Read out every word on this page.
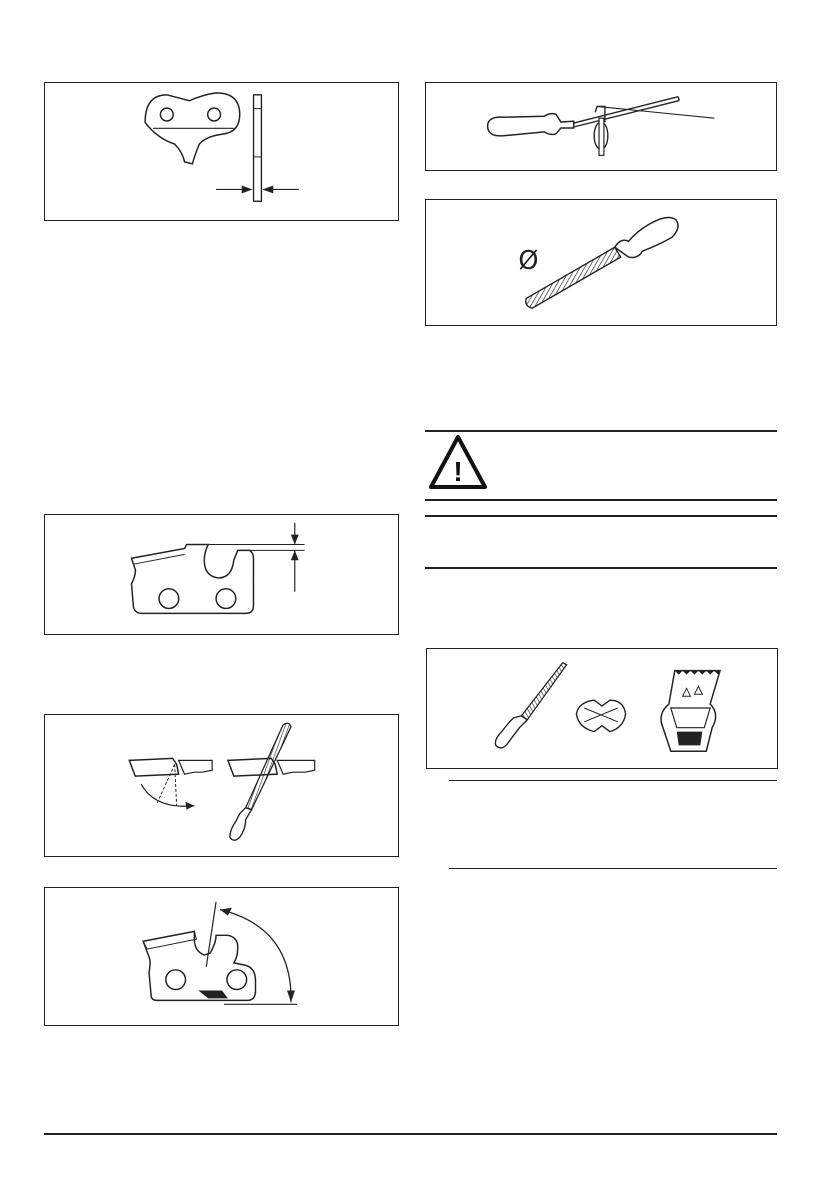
Ø
!
